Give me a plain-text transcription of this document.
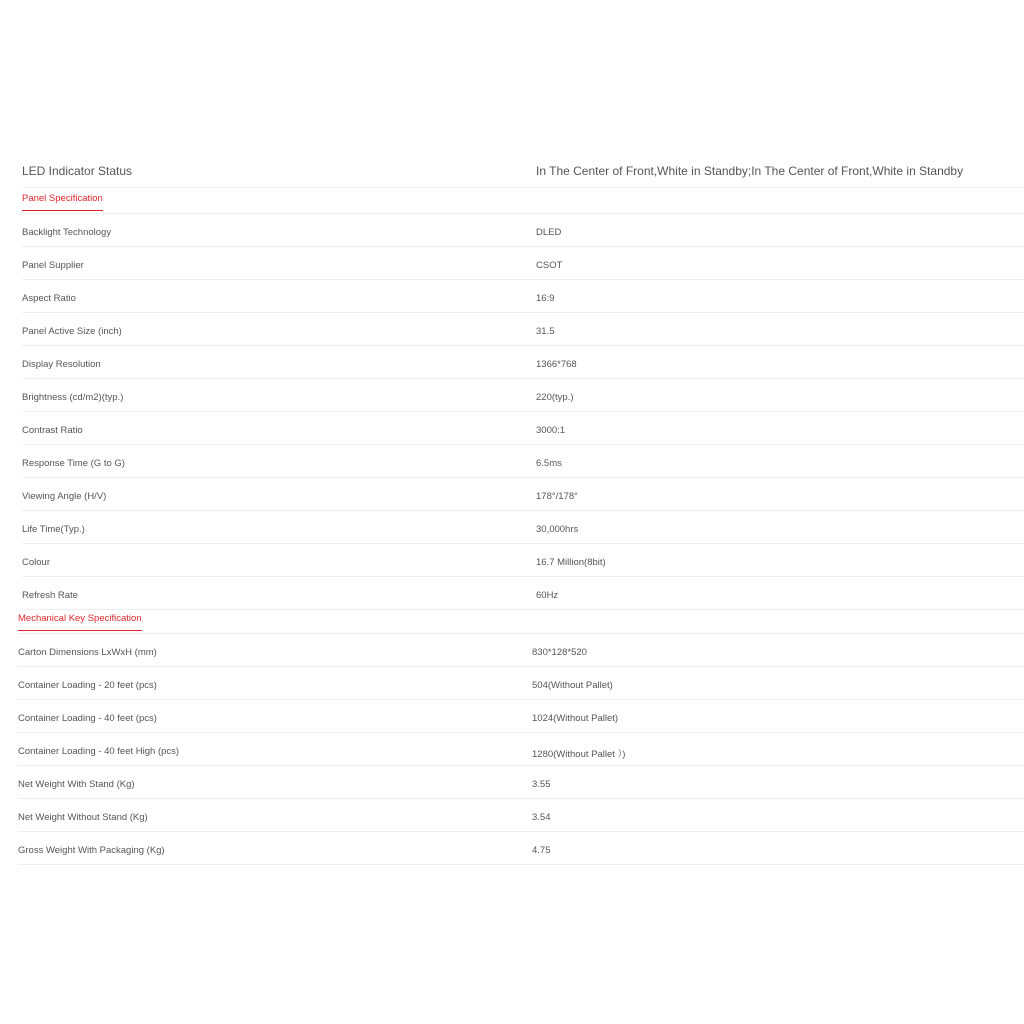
LED Indicator Status	In The Center of Front,White in Standby;In The Center of Front,White in Standby
Panel Specification
Backlight Technology	DLED
Panel Supplier	CSOT
Aspect Ratio	16:9
Panel Active Size (inch)	31.5
Display Resolution	1366*768
Brightness (cd/m2)(typ.)	220(typ.)
Contrast Ratio	3000:1
Response Time (G to G)	6.5ms
Viewing Angle (H/V)	178°/178°
Life Time(Typ.)	30,000hrs
Colour	16.7 Million(8bit)
Refresh Rate	60Hz
Mechanical Key Specification
Carton Dimensions LxWxH (mm)	830*128*520
Container Loading - 20 feet (pcs)	504(Without Pallet)
Container Loading - 40 feet (pcs)	1024(Without Pallet)
Container Loading - 40 feet High (pcs)	1280(Without Pallet ）)
Net Weight With Stand (Kg)	3.55
Net Weight Without Stand (Kg)	3.54
Gross Weight With Packaging (Kg)	4.75
